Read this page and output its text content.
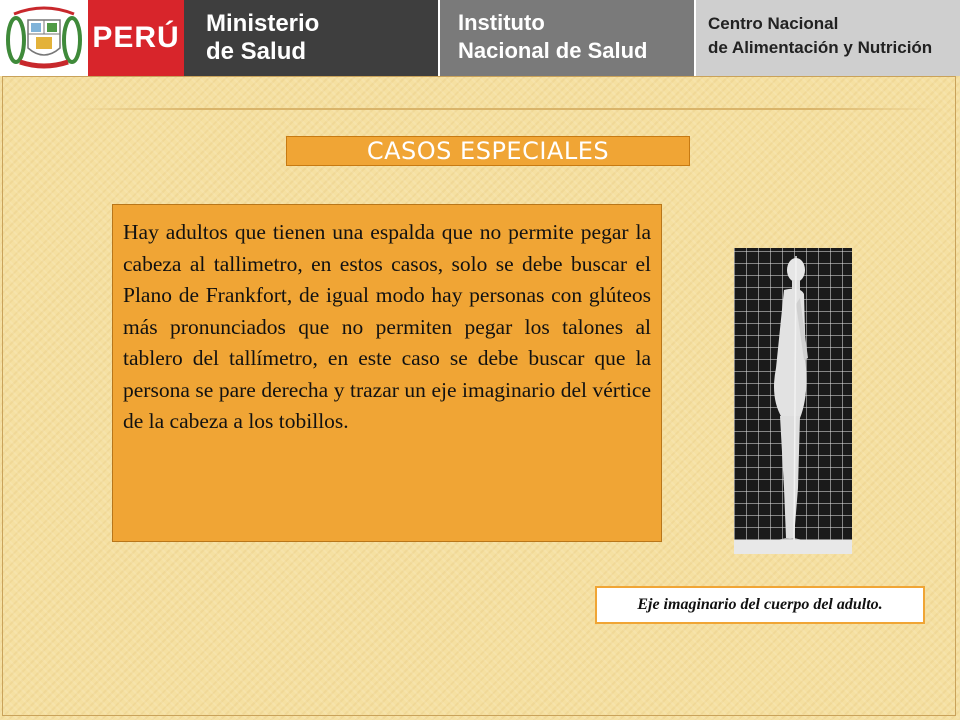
PERÚ Ministerio
de Salud
Instituto
Nacional de Salud
Centro Nacional
de Alimentación y Nutrición
CASOS ESPECIALES

Hay adultos que tienen una espalda que no permite pegar la cabeza al tallimetro, en estos casos, solo se debe buscar el Plano de Frankfort, de igual modo hay personas con glúteos más pronunciados que no permiten pegar los talones al tablero del tallímetro, en este caso se debe buscar que la persona se pare derecha y trazar un eje imaginario del vértice de la cabeza a los tobillos.

Eje imaginario del cuerpo del adulto.
